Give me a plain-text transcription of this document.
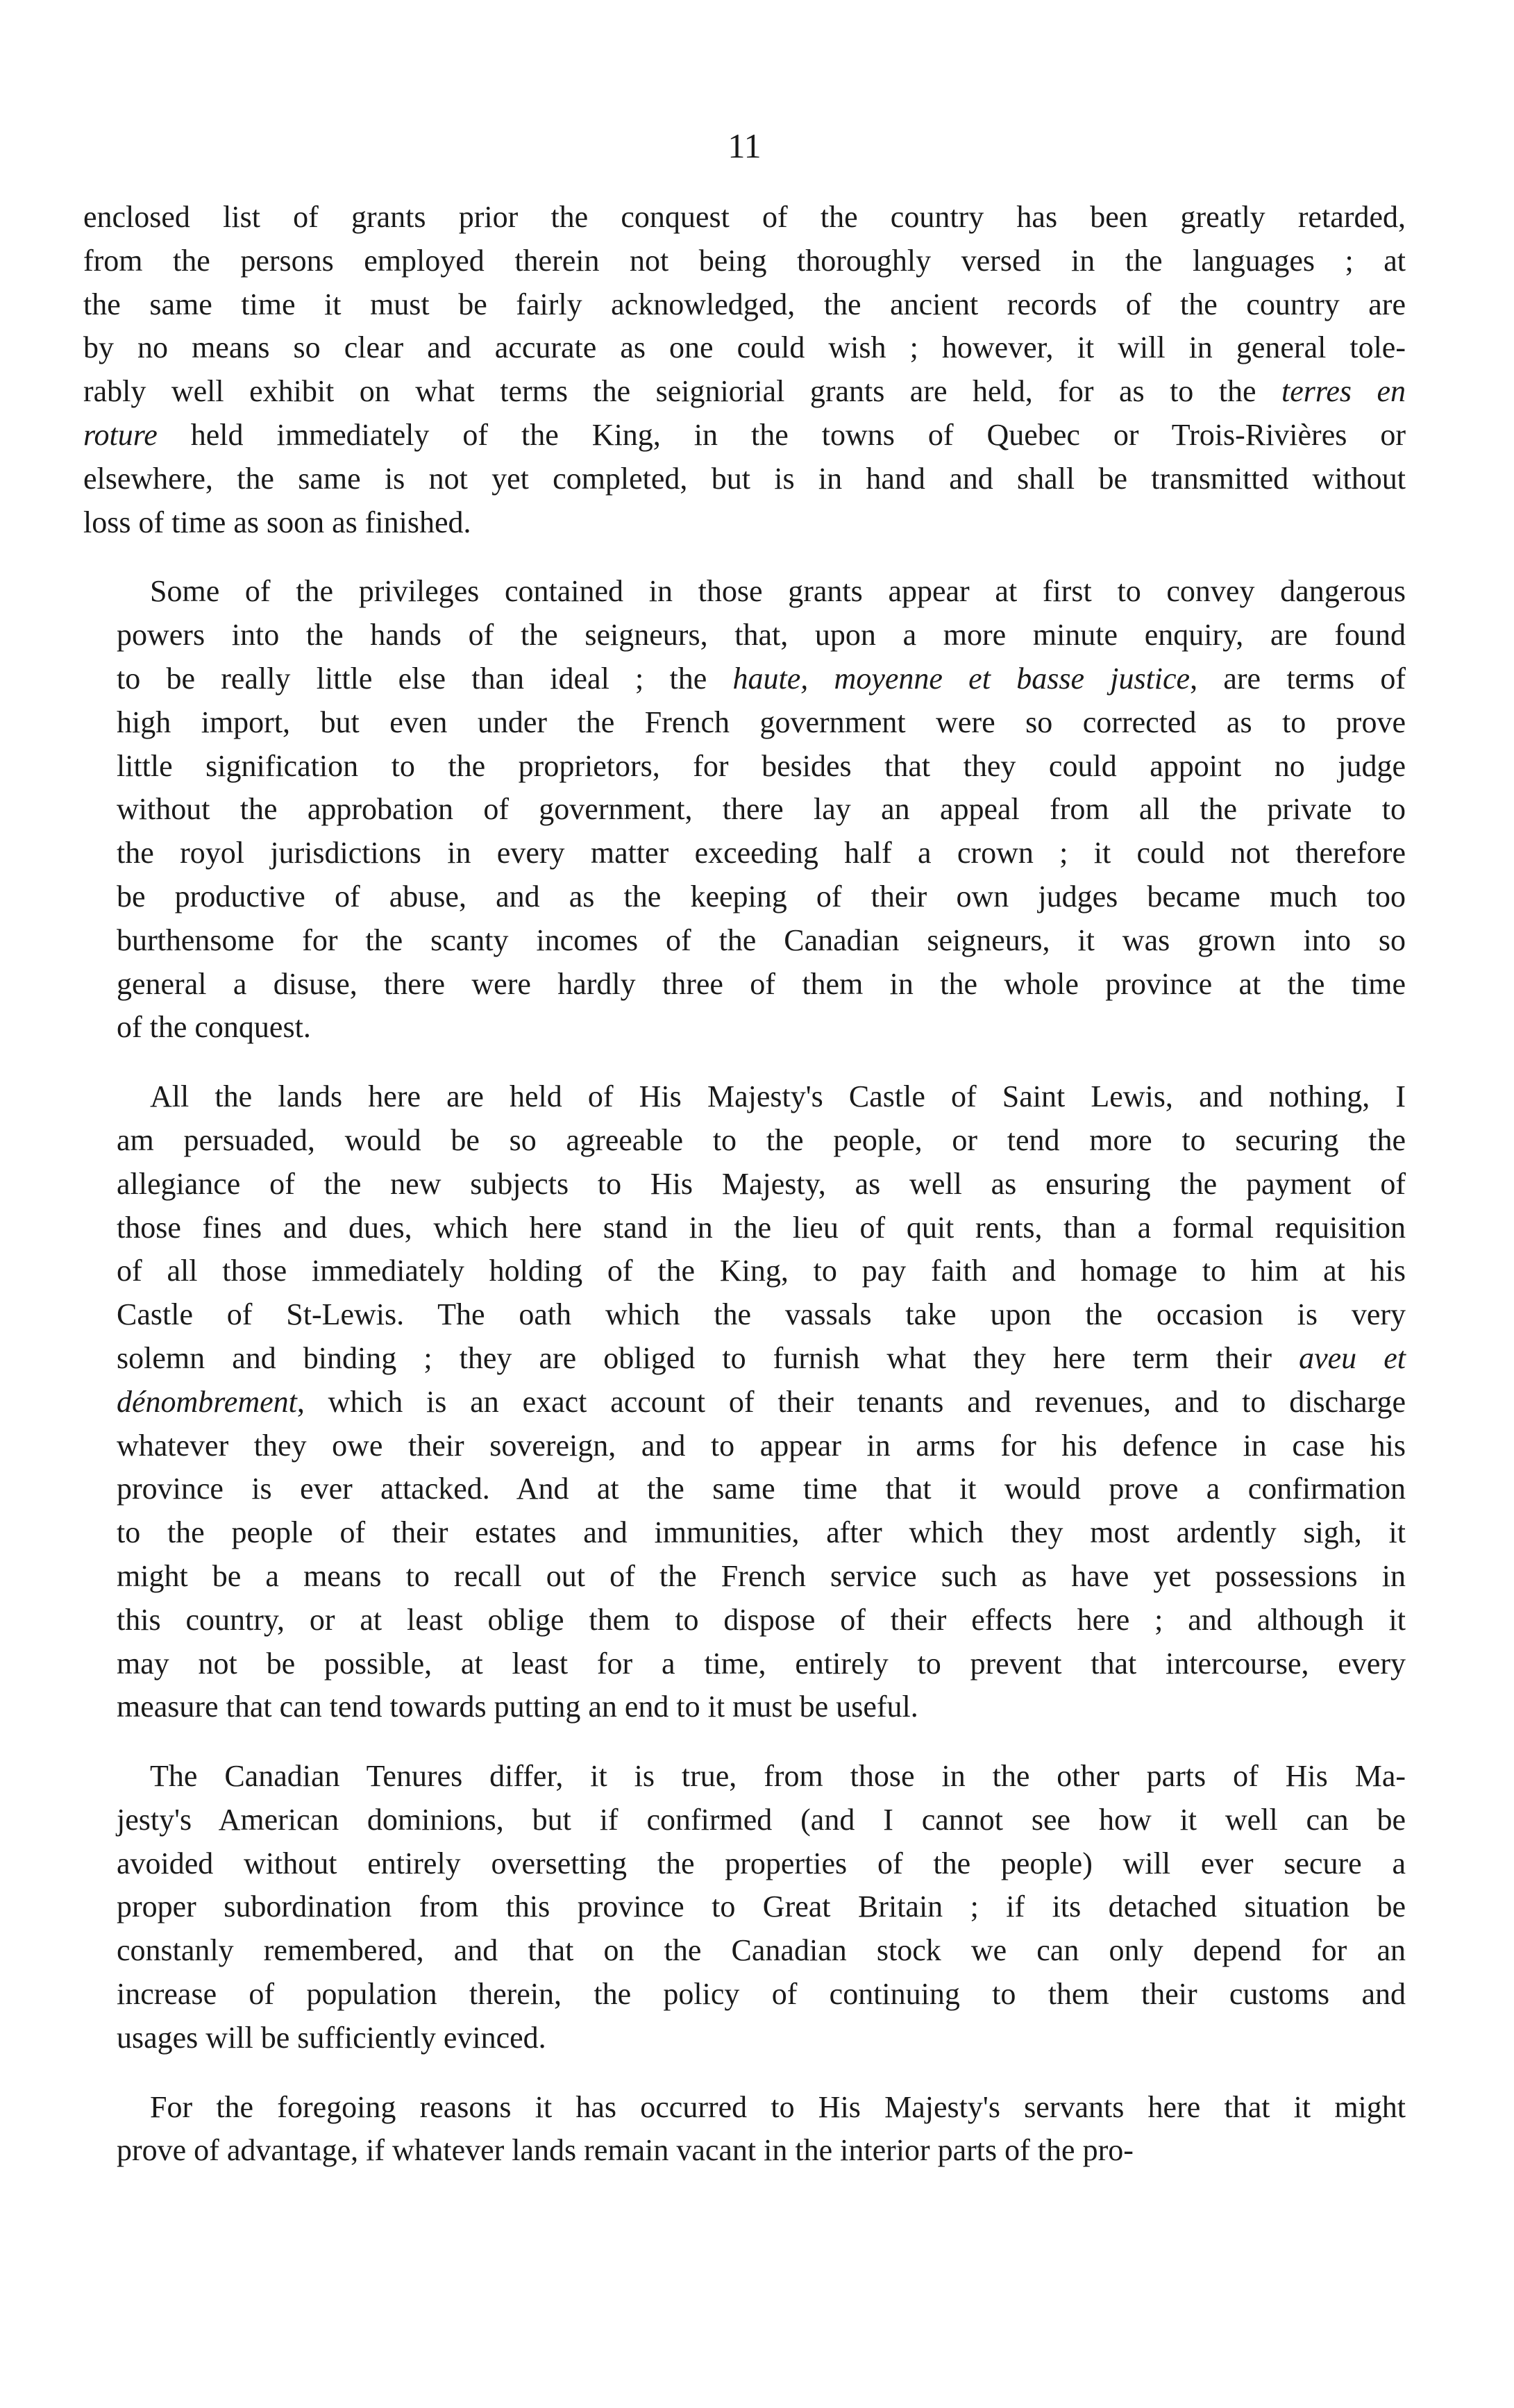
11
enclosed list of grants prior the conquest of the country has been greatly retarded,
from the persons employed therein not being thoroughly versed in the languages ; at
the same time it must be fairly acknowledged, the ancient records of the country are
by no means so clear and accurate as one could wish ; however, it will in general tole-
rably well exhibit on what terms the seigniorial grants are held, for as to the terres en
roture held immediately of the King, in the towns of Quebec or Trois-Rivières or
elsewhere, the same is not yet completed, but is in hand and shall be transmitted without
loss of time as soon as finished.
Some of the privileges contained in those grants appear at first to convey dangerous
powers into the hands of the seigneurs, that, upon a more minute enquiry, are found
to be really little else than ideal ; the haute, moyenne et basse justice, are terms of
high import, but even under the French government were so corrected as to prove
little signification to the proprietors, for besides that they could appoint no judge
without the approbation of government, there lay an appeal from all the private to
the royol jurisdictions in every matter exceeding half a crown ; it could not therefore
be productive of abuse, and as the keeping of their own judges became much too
burthensome for the scanty incomes of the Canadian seigneurs, it was grown into so
general a disuse, there were hardly three of them in the whole province at the time
of the conquest.
All the lands here are held of His Majesty's Castle of Saint Lewis, and nothing, I
am persuaded, would be so agreeable to the people, or tend more to securing the
allegiance of the new subjects to His Majesty, as well as ensuring the payment of
those fines and dues, which here stand in the lieu of quit rents, than a formal requisition
of all those immediately holding of the King, to pay faith and homage to him at his
Castle of St-Lewis. The oath which the vassals take upon the occasion is very
solemn and binding ; they are obliged to furnish what they here term their aveu et
dénombrement, which is an exact account of their tenants and revenues, and to discharge
whatever they owe their sovereign, and to appear in arms for his defence in case his
province is ever attacked. And at the same time that it would prove a confirmation
to the people of their estates and immunities, after which they most ardently sigh, it
might be a means to recall out of the French service such as have yet possessions in
this country, or at least oblige them to dispose of their effects here ; and although it
may not be possible, at least for a time, entirely to prevent that intercourse, every
measure that can tend towards putting an end to it must be useful.
The Canadian Tenures differ, it is true, from those in the other parts of His Ma-
jesty's American dominions, but if confirmed (and I cannot see how it well can be
avoided without entirely oversetting the properties of the people) will ever secure a
proper subordination from this province to Great Britain ; if its detached situation be
constanly remembered, and that on the Canadian stock we can only depend for an
increase of population therein, the policy of continuing to them their customs and
usages will be sufficiently evinced.
For the foregoing reasons it has occurred to His Majesty's servants here that it might
prove of advantage, if whatever lands remain vacant in the interior parts of the pro-
